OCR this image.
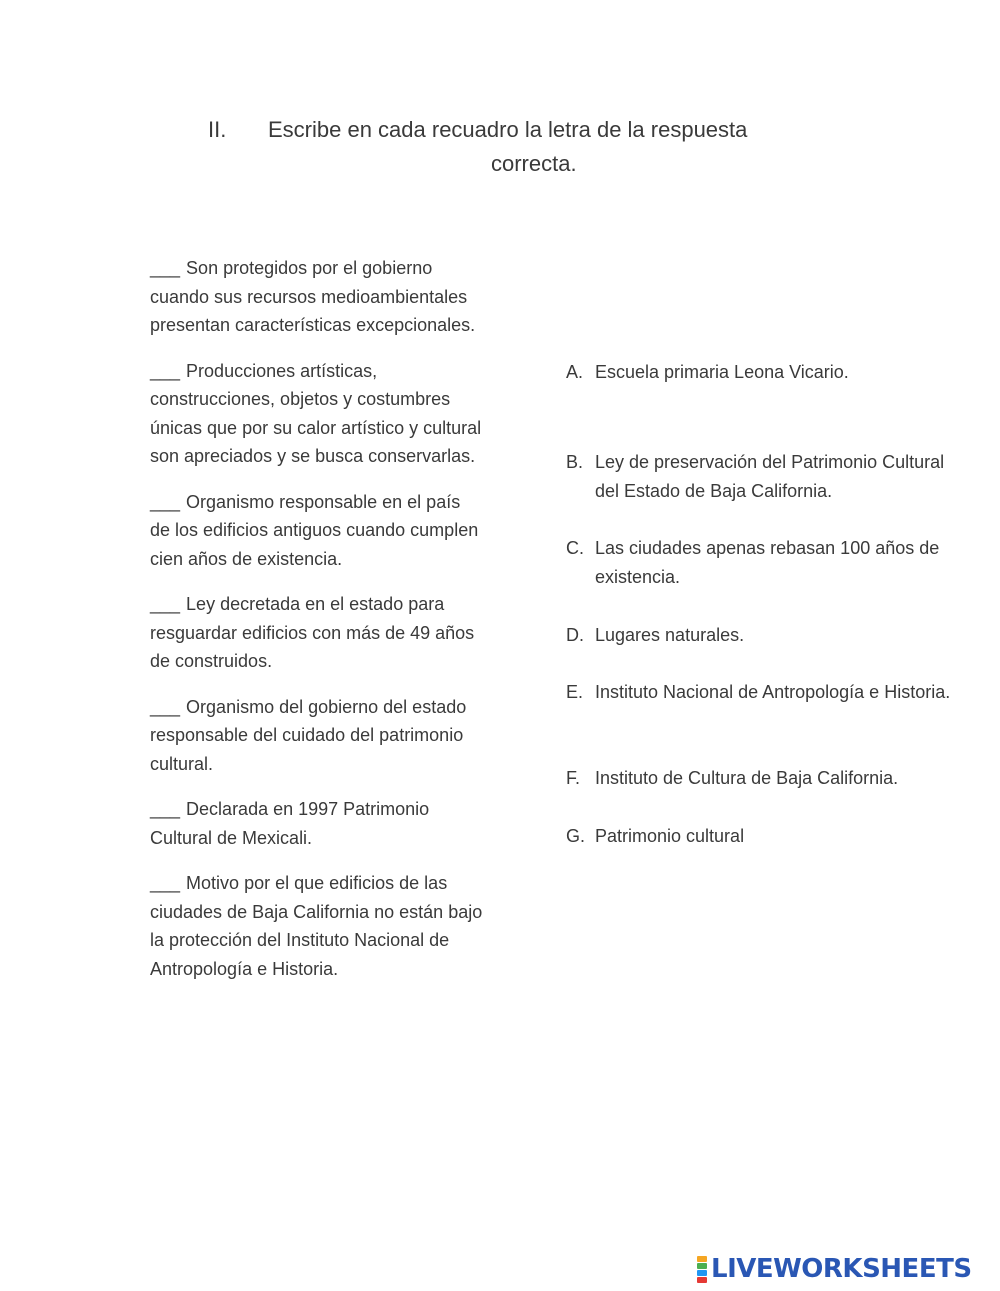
II. Escribe en cada recuadro la letra de la respuesta
correcta.

___ Son protegidos por el gobierno cuando sus recursos medioambientales presentan características excepcionales.

___ Producciones artísticas, construcciones, objetos y costumbres únicas que por su calor artístico y cultural son apreciados y se busca conservarlas.

___ Organismo responsable en el país de los edificios antiguos cuando cumplen cien años de existencia.

___ Ley decretada en el estado para resguardar edificios con más de 49 años de construidos.

___ Organismo del gobierno del estado responsable del cuidado del patrimonio cultural.

___ Declarada en 1997 Patrimonio Cultural de Mexicali.

___ Motivo por el que edificios de las ciudades de Baja California no están bajo la protección del Instituto Nacional de Antropología e Historia.

A. Escuela primaria Leona Vicario.
B. Ley de preservación del Patrimonio Cultural del Estado de Baja California.
C. Las ciudades apenas rebasan 100 años de existencia.
D. Lugares naturales.
E. Instituto Nacional de Antropología e Historia.
F. Instituto de Cultura de Baja California.
G. Patrimonio cultural
LIVEWORKSHEETS
